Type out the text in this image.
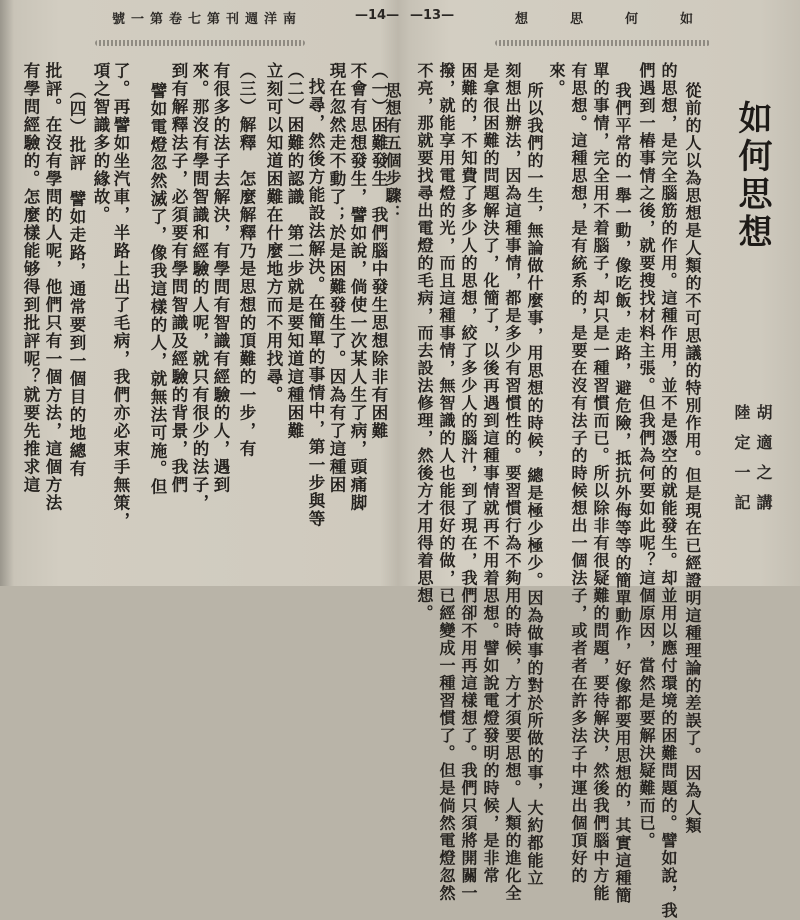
號一第卷七第刊週洋南	—14—
（一）困難發生　我們腦中發生思想除非有困難
不會有思想發生，譬如說，倘使一次某人生了病，頭痛脚
現在忽然走不動了；於是困難發生了。因為有了這種困
找尋，然後方能設法解決。在簡單的事情中，第一步與等
（二）困難的認識　第二步就是要知道這種困難
立刻可以知道困難在什麼地方而不用找尋。
（三）解釋　怎麼解釋乃是思想的頂難的一步，有
有很多的法子去解決，有學問有智識有經驗的人，遇到
來。那沒有學問智識和經驗的人呢，就只有很少的法子，
到有解釋法子，必須要有學問智識及經驗的背景，我們
譬如電燈忽然滅了，像我這樣的人，就無法可施。但
了。再譬如坐汽車，半路上出了毛病，我們亦必束手無策，
項之智識多的緣故。
（四）批評　譬如走路，通常要到一個目的地總有
批評。在沒有學問的人呢，他們只有一個方法，這個方法
有學問經驗的。怎麼樣能够得到批評呢？就要先推求這
—13—	想思何如
如何思想
胡適之講
陸定一記
從前的人以為思想是人類的不可思議的特別作用。但是現在已經證明這種理論的差誤了。因為人類
的思想，是完全腦筋的作用。這種作用，並不是憑空的就能發生。却並用以應付環境的困難問題的。譬如說，我
們遇到一樁事情之後，就要搜找材料主張。但我們為何要如此呢？這個原因，當然是要解決疑難而已。
我們平常的一舉一動，像吃飯，走路，避危險，抵抗外侮等等的簡單動作，好像都要用思想的，其實這種簡
單的事情，完全用不着腦子，却只是一種習慣而已。所以除非有很疑難的問題，要待解決，然後我們腦中方能
有思想。這種思想，是有統系的，是要在沒有法子的時候想出一個法子，或者者在許多法子中運出個頂好的
來。
所以我們的一生，無論做什麼事，用思想的時候，總是極少極少。因為做事的對於所做的事，大約都能立
刻想出辦法，因為這種事情，都是多少有習慣性的。要習慣行為不夠用的時候，方才須要思想。人類的進化全
是拿很困難的問題解決了，化簡了，以後再遇到這種事情就再不用着思想。譬如說電燈發明的時候，是非常
困難的，不知費了多少人的思想，絞了多少人的腦汁，到了現在，我們卻不用再這樣想了。我們只須將開關一
撥，就能享用電燈的光，而且這種事情，無智識的人也能很好的做，已經變成一種習慣了。但是倘然電燈忽然
不亮，那就要找尋出電燈的毛病，而去設法修理，然後方才用得着思想。
思想有五個步驟：
